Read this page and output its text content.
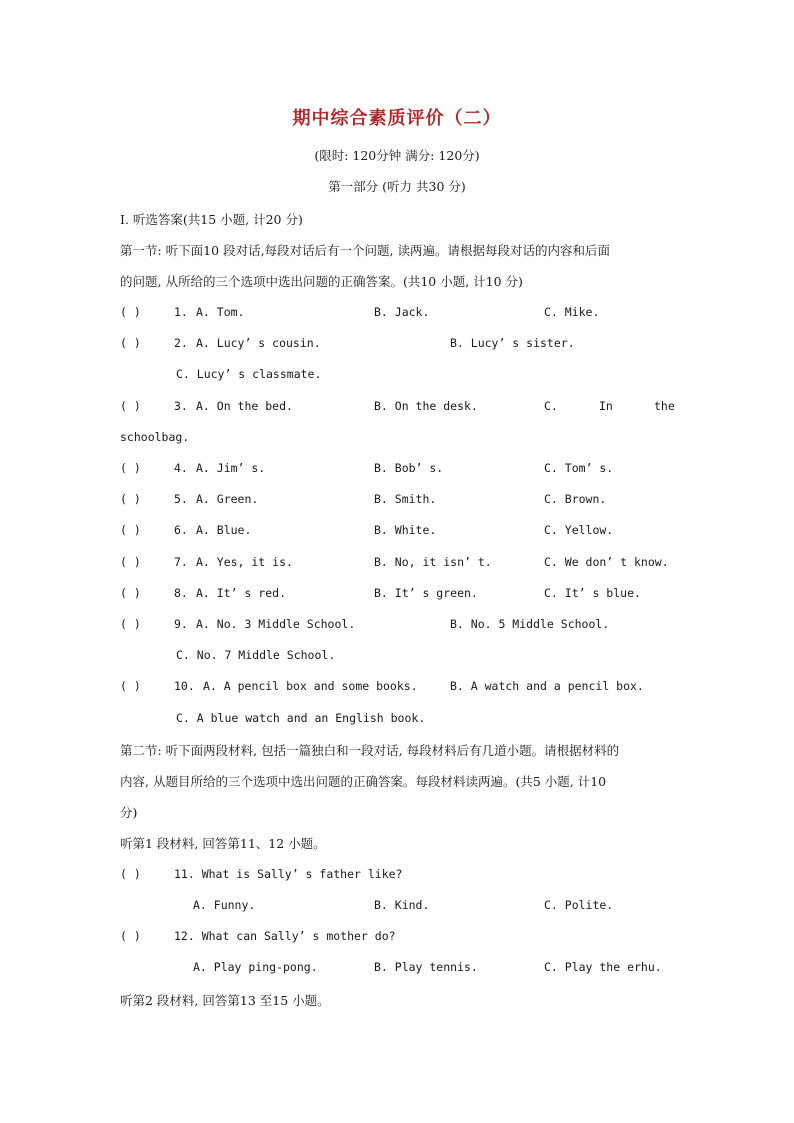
期中综合素质评价（二）
(限时: 120分钟 满分: 120分)
第一部分 (听力 共30 分)
I. 听选答案(共15 小题, 计20 分)
第一节: 听下面10 段对话,每段对话后有一个问题, 读两遍。请根据每段对话的内容和后面
的问题, 从所给的三个选项中选出问题的正确答案。(共10 小题, 计10 分)
( )	1. A. Tom.	B. Jack.	C. Mike.
( )	2. A. Lucy’ s cousin.	B. Lucy’ s sister.
C. Lucy’ s classmate.
( )	3. A. On the bed.	B. On the desk.	C.	In	the
schoolbag.
( )	4. A. Jim’ s.	B. Bob’ s.	C. Tom’ s.
( )	5. A. Green.	B. Smith.	C. Brown.
( )	6. A. Blue.	B. White.	C. Yellow.
( )	7. A. Yes, it is.	B. No, it isn’ t.	C. We don’ t know.
( )	8. A. It’ s red.	B. It’ s green.	C. It’ s blue.
( )	9. A. No. 3 Middle School.	B. No. 5 Middle School.
C. No. 7 Middle School.
( )	10. A. A pencil box and some books.	B. A watch and a pencil box.
C. A blue watch and an English book.
第二节: 听下面两段材料, 包括一篇独白和一段对话, 每段材料后有几道小题。请根据材料的
内容, 从题目所给的三个选项中选出问题的正确答案。每段材料读两遍。(共5 小题, 计10
分)
听第1 段材料, 回答第11、12 小题。
( )	11. What is Sally’ s father like?
A. Funny.	B. Kind.	C. Polite.
( )	12. What can Sally’ s mother do?
A. Play ping-pong.	B. Play tennis.	C. Play the erhu.
听第2 段材料, 回答第13 至15 小题。
